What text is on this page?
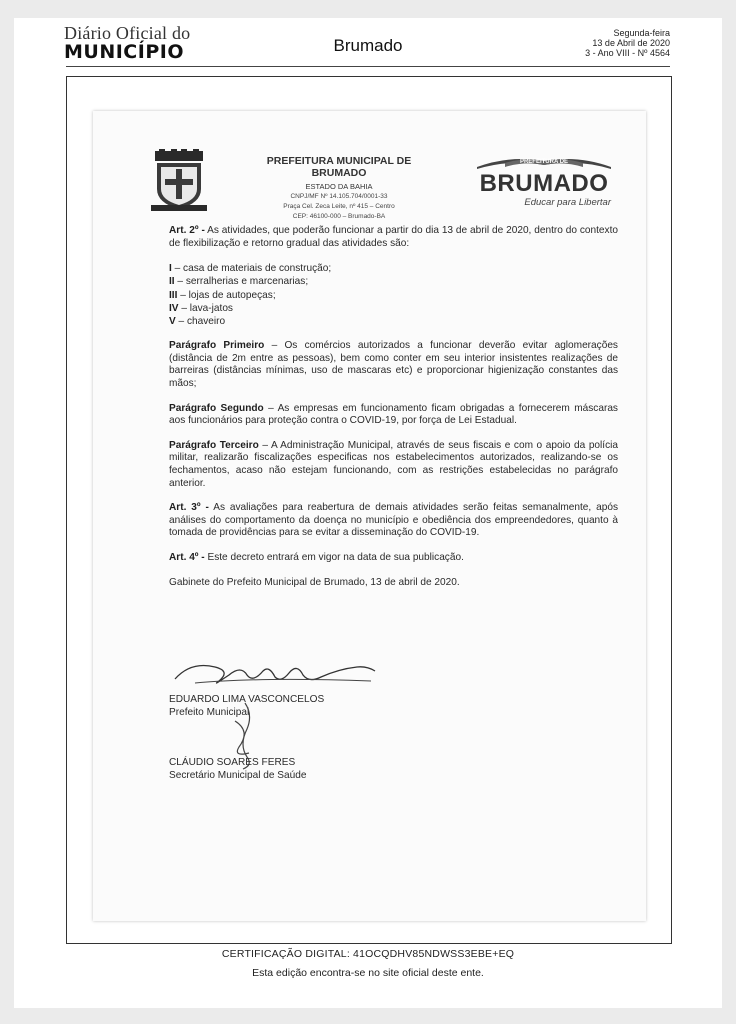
Diário Oficial do
MUNICÍPIO	Brumado
Segunda-feira
13 de Abril de 2020
3 - Ano VIII - Nº 4564
PREFEITURA MUNICIPAL DE BRUMADO
ESTADO DA BAHIA
CNPJ/MF Nº 14.105.704/0001-33
Praça Cel. Zeca Leite, nº 415 – Centro
CEP: 46100-000 – Brumado-BA
PREFEITURA DE
BRUMADO
Educar para Libertar

Art. 2º - As atividades, que poderão funcionar a partir do dia 13 de abril de 2020, dentro do contexto de flexibilização e retorno gradual das atividades são:

I – casa de materiais de construção;
II – serralherias e marcenarias;
III – lojas de autopeças;
IV – lava-jatos
V – chaveiro

Parágrafo Primeiro – Os comércios autorizados a funcionar deverão evitar aglomerações (distância de 2m entre as pessoas), bem como conter em seu interior insistentes realizações de barreiras (distâncias mínimas, uso de mascaras etc) e proporcionar higienização constantes das mãos;

Parágrafo Segundo – As empresas em funcionamento ficam obrigadas a fornecerem máscaras aos funcionários para proteção contra o COVID-19, por força de Lei Estadual.

Parágrafo Terceiro – A Administração Municipal, através de seus fiscais e com o apoio da polícia militar, realizarão fiscalizações especificas nos estabelecimentos autorizados, realizando-se os fechamentos, acaso não estejam funcionando, com as restrições estabelecidas no parágrafo anterior.

Art. 3º - As avaliações para reabertura de demais atividades serão feitas semanalmente, após análises do comportamento da doença no município e obediência dos empreendedores, quanto à tomada de providências para se evitar a disseminação do COVID-19.

Art. 4º - Este decreto entrará em vigor na data de sua publicação.

Gabinete do Prefeito Municipal de Brumado, 13 de abril de 2020.

EDUARDO LIMA VASCONCELOS
Prefeito Municipal
CLÁUDIO SOARES FERES
Secretário Municipal de Saúde
CERTIFICAÇÃO DIGITAL: 41OCQDHV85NDWSS3EBE+EQ
Esta edição encontra-se no site oficial deste ente.
